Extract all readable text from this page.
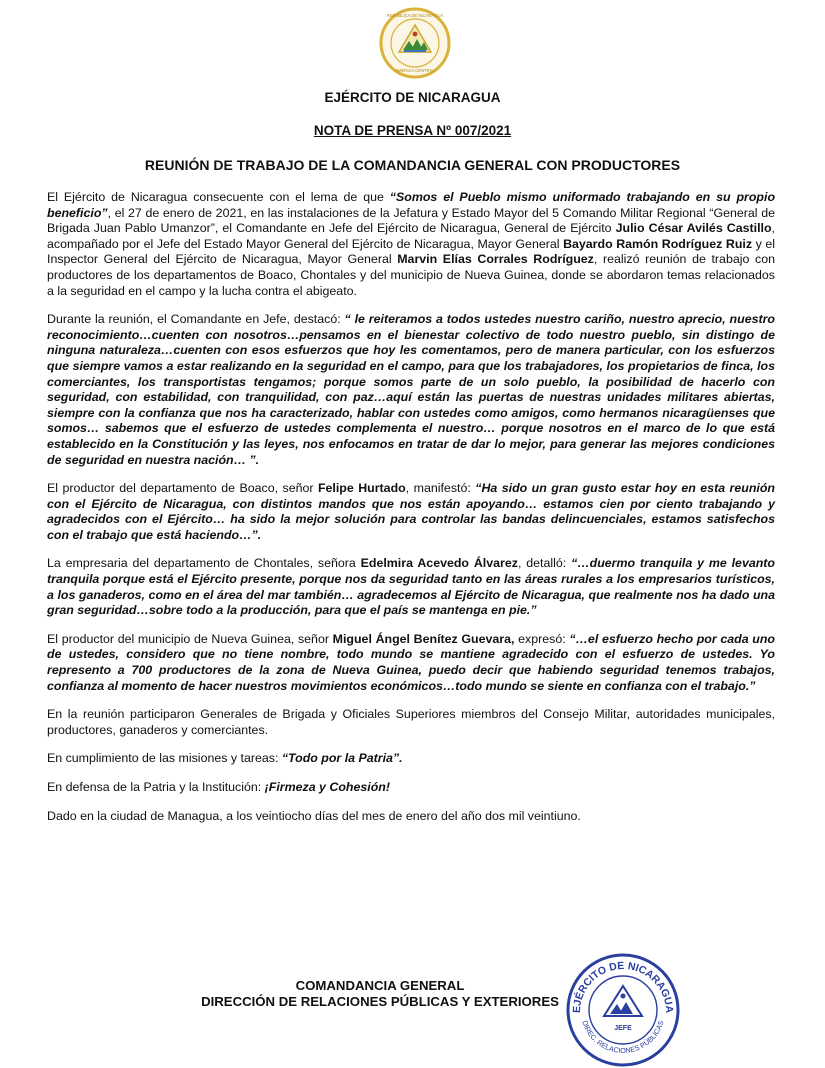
AMÉRICA CENTRAL
REPÚBLICA DE NICARAGUA
EJÉRCITO DE NICARAGUA
NOTA DE PRENSA Nº 007/2021
REUNIÓN DE TRABAJO DE LA COMANDANCIA GENERAL CON PRODUCTORES

El Ejército de Nicaragua consecuente con el lema de que “Somos el Pueblo mismo uniformado trabajando en su propio beneficio”, el 27 de enero de 2021, en las instalaciones de la Jefatura y Estado Mayor del 5 Comando Militar Regional “General de Brigada Juan Pablo Umanzor”, el Comandante en Jefe del Ejército de Nicaragua, General de Ejército Julio César Avilés Castillo, acompañado por el Jefe del Estado Mayor General del Ejército de Nicaragua, Mayor General Bayardo Ramón Rodríguez Ruiz y el Inspector General del Ejército de Nicaragua, Mayor General Marvin Elías Corrales Rodríguez, realizó reunión de trabajo con productores de los departamentos de Boaco, Chontales y del municipio de Nueva Guinea, donde se abordaron temas relacionados a la seguridad en el campo y la lucha contra el abigeato.

Durante la reunión, el Comandante en Jefe, destacó: “ le reiteramos a todos ustedes nuestro cariño, nuestro aprecio, nuestro reconocimiento…cuenten con nosotros…pensamos en el bienestar colectivo de todo nuestro pueblo, sin distingo de ninguna naturaleza…cuenten con esos esfuerzos que hoy les comentamos, pero de manera particular, con los esfuerzos que siempre vamos a estar realizando en la seguridad en el campo, para que los trabajadores, los propietarios de finca, los comerciantes, los transportistas tengamos; porque somos parte de un solo pueblo, la posibilidad de hacerlo con seguridad, con estabilidad, con tranquilidad, con paz…aquí están las puertas de nuestras unidades militares abiertas, siempre con la confianza que nos ha caracterizado, hablar con ustedes como amigos, como hermanos nicaragüenses que somos… sabemos que el esfuerzo de ustedes complementa el nuestro… porque nosotros en el marco de lo que está establecido en la Constitución y las leyes, nos enfocamos en tratar de dar lo mejor, para generar las mejores condiciones de seguridad en nuestra nación… ”.

El productor del departamento de Boaco, señor Felipe Hurtado, manifestó: “Ha sido un gran gusto estar hoy en esta reunión con el Ejército de Nicaragua, con distintos mandos que nos están apoyando… estamos cien por ciento trabajando y agradecidos con el Ejército… ha sido la mejor solución para controlar las bandas delincuenciales, estamos satisfechos con el trabajo que está haciendo…”.

La empresaria del departamento de Chontales, señora Edelmira Acevedo Álvarez, detalló: “…duermo tranquila y me levanto tranquila porque está el Ejército presente, porque nos da seguridad tanto en las áreas rurales a los empresarios turísticos, a los ganaderos, como en el área del mar también… agradecemos al Ejército de Nicaragua, que realmente nos ha dado una gran seguridad…sobre todo a la producción, para que el país se mantenga en pie.”

El productor del municipio de Nueva Guinea, señor Miguel Ángel Benítez Guevara, expresó: “…el esfuerzo hecho por cada uno de ustedes, considero que no tiene nombre, todo mundo se mantiene agradecido con el esfuerzo de ustedes. Yo represento a 700 productores de la zona de Nueva Guinea, puedo decir que habiendo seguridad tenemos trabajos, confianza al momento de hacer nuestros movimientos económicos…todo mundo se siente en confianza con el trabajo.”

En la reunión participaron Generales de Brigada y Oficiales Superiores miembros del Consejo Militar, autoridades municipales, productores, ganaderos y comerciantes.

En cumplimiento de las misiones y tareas: “Todo por la Patria”.

En defensa de la Patria y la Institución: ¡Firmeza y Cohesión!

Dado en la ciudad de Managua, a los veintiocho días del mes de enero del año dos mil veintiuno.

COMANDANCIA GENERAL
DIRECCIÓN DE RELACIONES PÚBLICAS Y EXTERIORES
EJÉRCITO DE NICARAGUA
DIREC. RELACIONES PÚBLICAS
JEFE
